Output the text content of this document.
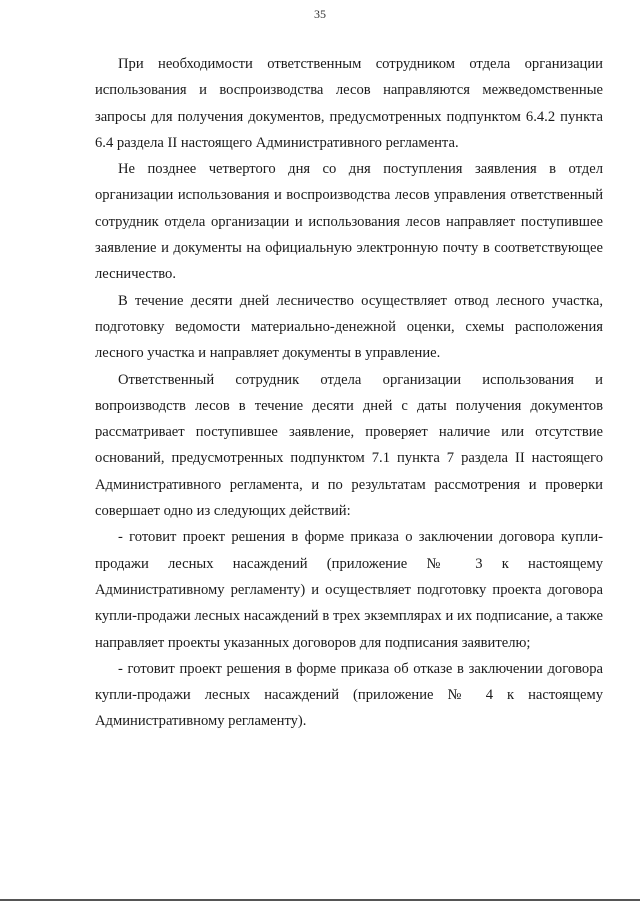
35

При необходимости ответственным сотрудником отдела организации использования и воспроизводства лесов направляются межведомственные запросы для получения документов, предусмотренных подпунктом 6.4.2 пункта 6.4 раздела II настоящего Административного регламента.

Не позднее четвертого дня со дня поступления заявления в отдел организации использования и воспроизводства лесов управления ответственный сотрудник отдела организации и использования лесов направляет поступившее заявление и документы на официальную электронную почту в соответствующее лесничество.

В течение десяти дней лесничество осуществляет отвод лесного участка, подготовку ведомости материально-денежной оценки, схемы расположения лесного участка и направляет документы в управление.

Ответственный сотрудник отдела организации использования и вопроизводств лесов в течение десяти дней с даты получения документов рассматривает поступившее заявление, проверяет наличие или отсутствие оснований, предусмотренных подпунктом 7.1 пункта 7 раздела II настоящего Административного регламента, и по результатам рассмотрения и проверки совершает одно из следующих действий:

- готовит проект решения в форме приказа о заключении договора купли-продажи лесных насаждений (приложение № 3 к настоящему Административному регламенту) и осуществляет подготовку проекта договора купли-продажи лесных насаждений в трех экземплярах и их подписание, а также направляет проекты указанных договоров для подписания заявителю;

- готовит проект решения в форме приказа об отказе в заключении договора купли-продажи лесных насаждений (приложение № 4 к настоящему Административному регламенту).
